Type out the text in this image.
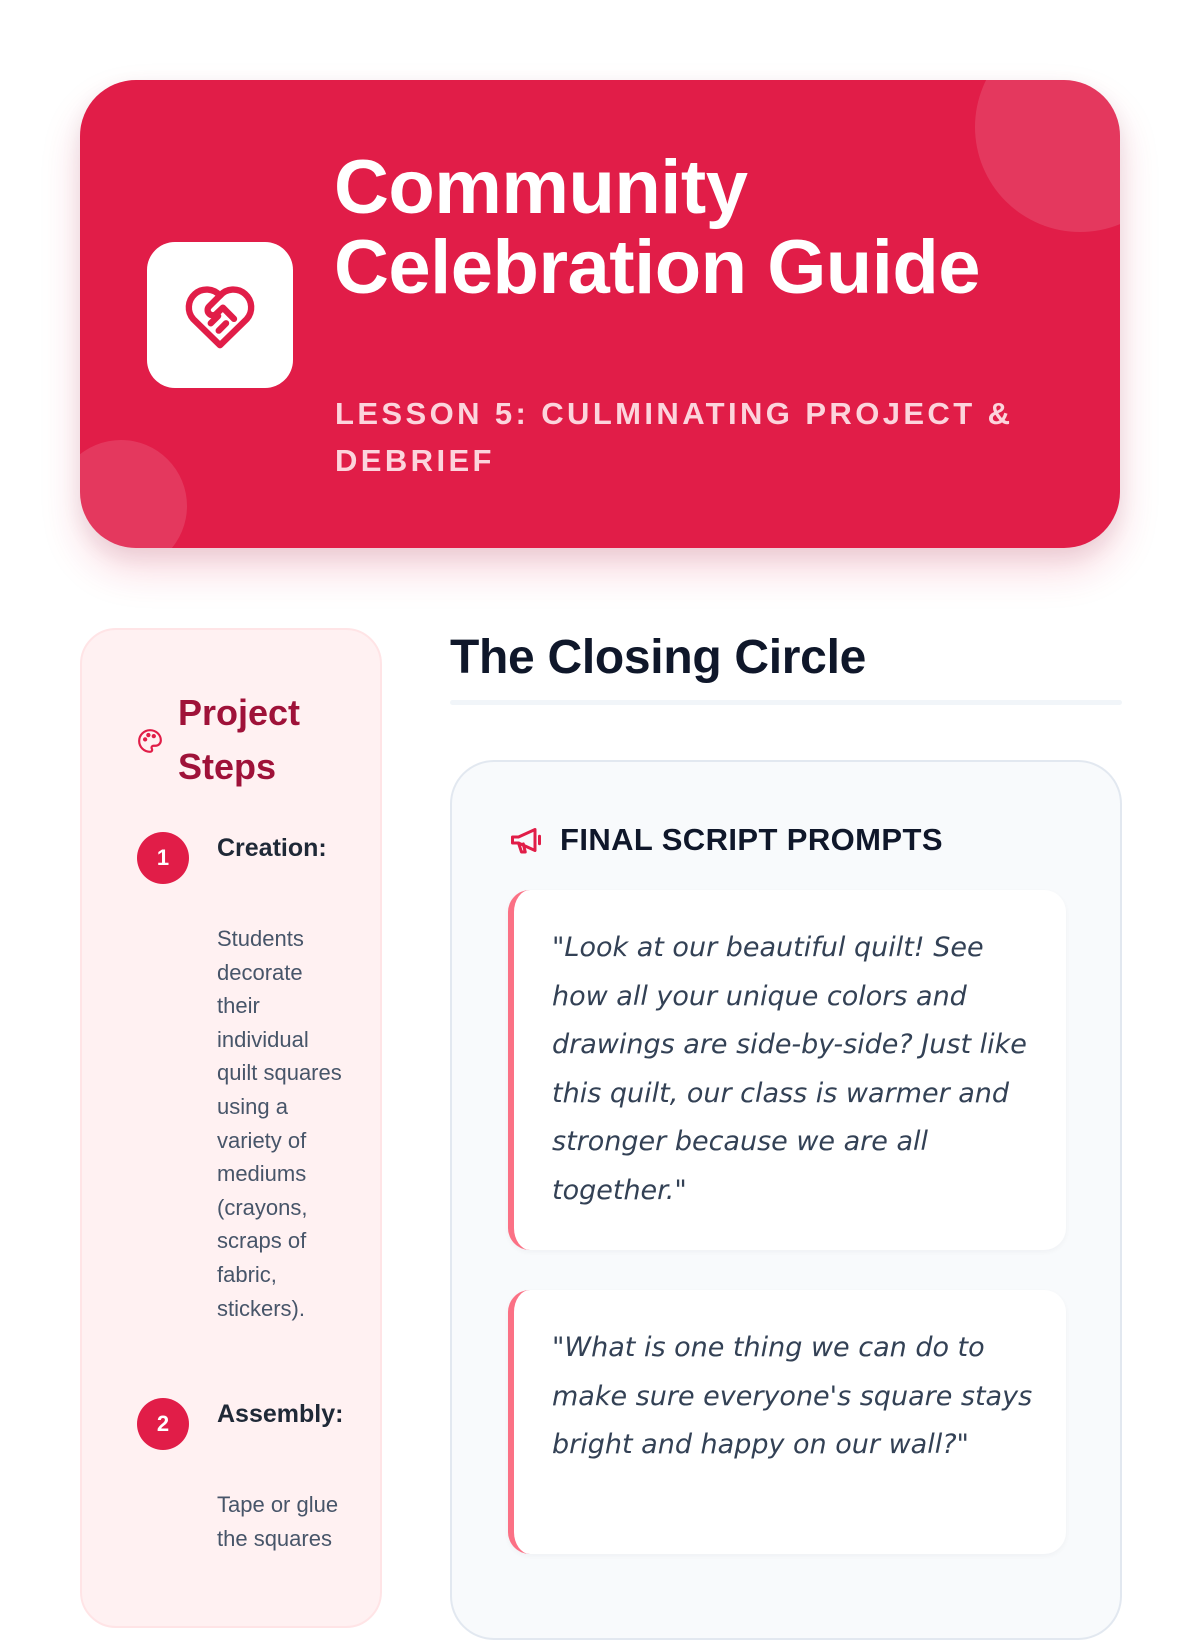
Community Celebration Guide
LESSON 5: CULMINATING PROJECT & DEBRIEF
Project Steps
1	Creation:
Students decorate their individual quilt squares using a variety of mediums (crayons, scraps of fabric, stickers).
2	Assembly:
Tape or glue the squares
The Closing Circle
FINAL SCRIPT PROMPTS

"Look at our beautiful quilt! See how all your unique colors and drawings are side-by-side? Just like this quilt, our class is warmer and stronger because we are all together."

"What is one thing we can do to make sure everyone's square stays bright and happy on our wall?"
